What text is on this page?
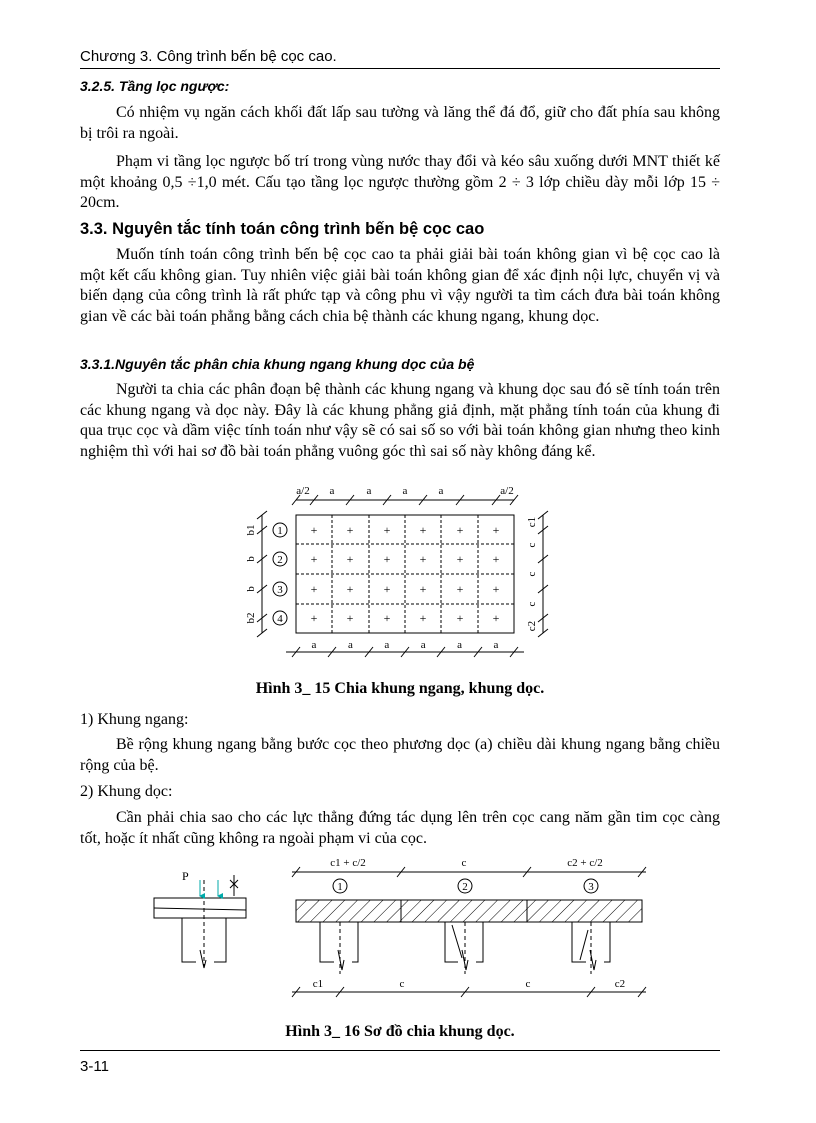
Chương 3. Công trình bến bệ cọc cao.
3.2.5. Tầng lọc ngược:
Có nhiệm vụ ngăn cách khối đất lấp sau tường và lăng thể đá đổ, giữ cho đất phía sau không bị trôi ra ngoài.
Phạm vi tầng lọc ngược bố trí trong vùng nước thay đổi và kéo sâu xuống dưới MNT thiết kế một khoảng 0,5 ÷1,0 mét. Cấu tạo tầng lọc ngược thường gồm 2 ÷ 3 lớp chiều dày mỗi lớp 15 ÷ 20cm.
3.3. Nguyên tắc tính toán công trình bến bệ cọc cao
Muốn tính toán công trình bến bệ cọc cao ta phải giải bài toán không gian vì bệ cọc cao là một kết cấu không gian. Tuy nhiên việc giải bài toán không gian để xác định nội lực, chuyển vị và biến dạng của công trình là rất phức tạp và công phu vì vậy người ta tìm cách đưa bài toán không gian về các bài toán phẳng bằng cách chia bệ thành các khung ngang, khung dọc.
3.3.1.Nguyên tắc phân chia khung ngang khung dọc của bệ
Người ta chia các phân đoạn bệ thành các khung ngang và khung dọc sau đó sẽ tính toán trên các khung ngang và dọc này. Đây là các khung phẳng giả định, mặt phẳng tính toán của khung đi qua trục cọc và dầm việc tính toán như vậy sẽ có sai số so với bài toán không gian nhưng theo kinh nghiệm thì với hai sơ đồ bài toán phẳng vuông góc thì sai số này không đáng kể.
a/2 a	a	a	a	a/2
a	a	a	a	a	a
b1
b
b
b2
c1
c
c
c
c2
1
2
3
4
+ +	+ +	+ +
+ +	+ +	+ +
+ +	+ +	+ +
+ +	+ +	+ +
Hình 3_ 15 Chia khung ngang, khung dọc.
1) Khung ngang:
Bề rộng khung ngang bằng bước cọc theo phương dọc (a) chiều dài khung ngang bằng chiều rộng của bệ.
2) Khung dọc:
Cần phải chia sao cho các lực thẳng đứng tác dụng lên trên cọc cang năm gần tim cọc càng tốt, hoặc ít nhất cũng không ra ngoài phạm vi của cọc.
P
c1 + c/2	c	c2 + c/2
1	2	3
c1	c	c	c2
Hình 3_ 16 Sơ đồ chia khung dọc.
3-11
